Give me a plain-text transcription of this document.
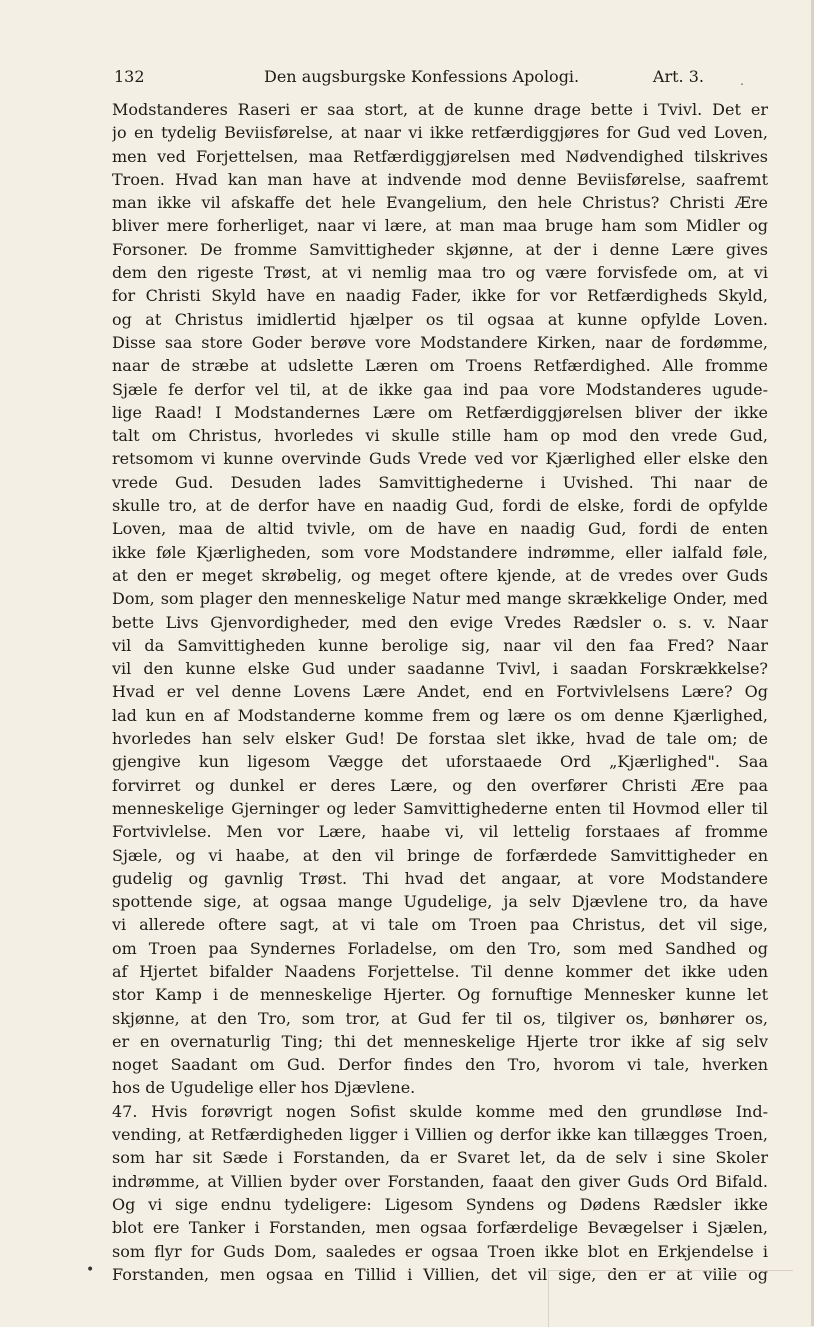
132	Den augsburgske Konfessions Apologi.	Art. 3.	.
Modstanderes Raseri er saa stort, at de kunne drage bette i Tvivl. Det er
jo en tydelig Beviisførelse, at naar vi ikke retfærdiggjøres for Gud ved Loven,
men ved Forjettelsen, maa Retfærdiggjørelsen med Nødvendighed tilskrives
Troen. Hvad kan man have at indvende mod denne Beviisførelse, saafremt
man ikke vil afskaffe det hele Evangelium, den hele Christus? Christi Ære
bliver mere forherliget, naar vi lære, at man maa bruge ham som Midler og
Forsoner. De fromme Samvittigheder skjønne, at der i denne Lære gives
dem den rigeste Trøst, at vi nemlig maa tro og være forvisfede om, at vi
for Christi Skyld have en naadig Fader, ikke for vor Retfærdigheds Skyld,
og at Christus imidlertid hjælper os til ogsaa at kunne opfylde Loven.
Disse saa store Goder berøve vore Modstandere Kirken, naar de fordømme,
naar de stræbe at udslette Læren om Troens Retfærdighed. Alle fromme
Sjæle fe derfor vel til, at de ikke gaa ind paa vore Modstanderes ugude-
lige Raad! I Modstandernes Lære om Retfærdiggjørelsen bliver der ikke
talt om Christus, hvorledes vi skulle stille ham op mod den vrede Gud,
retsomom vi kunne overvinde Guds Vrede ved vor Kjærlighed eller elske den
vrede Gud. Desuden lades Samvittighederne i Uvished. Thi naar de
skulle tro, at de derfor have en naadig Gud, fordi de elske, fordi de opfylde
Loven, maa de altid tvivle, om de have en naadig Gud, fordi de enten
ikke føle Kjærligheden, som vore Modstandere indrømme, eller ialfald føle,
at den er meget skrøbelig, og meget oftere kjende, at de vredes over Guds
Dom, som plager den menneskelige Natur med mange skrækkelige Onder, med
bette Livs Gjenvordigheder, med den evige Vredes Rædsler o. s. v. Naar
vil da Samvittigheden kunne berolige sig, naar vil den faa Fred? Naar
vil den kunne elske Gud under saadanne Tvivl, i saadan Forskrækkelse?
Hvad er vel denne Lovens Lære Andet, end en Fortvivlelsens Lære? Og
lad kun en af Modstanderne komme frem og lære os om denne Kjærlighed,
hvorledes han selv elsker Gud! De forstaa slet ikke, hvad de tale om; de
gjengive kun ligesom Vægge det uforstaaede Ord „Kjærlighed". Saa
forvirret og dunkel er deres Lære, og den overfører Christi Ære paa
menneskelige Gjerninger og leder Samvittighederne enten til Hovmod eller til
Fortvivlelse. Men vor Lære, haabe vi, vil lettelig forstaaes af fromme
Sjæle, og vi haabe, at den vil bringe de forfærdede Samvittigheder en
gudelig og gavnlig Trøst. Thi hvad det angaar, at vore Modstandere
spottende sige, at ogsaa mange Ugudelige, ja selv Djævlene tro, da have
vi allerede oftere sagt, at vi tale om Troen paa Christus, det vil sige,
om Troen paa Syndernes Forladelse, om den Tro, som med Sandhed og
af Hjertet bifalder Naadens Forjettelse. Til denne kommer det ikke uden
stor Kamp i de menneskelige Hjerter. Og fornuftige Mennesker kunne let
skjønne, at den Tro, som tror, at Gud fer til os, tilgiver os, bønhører os,
er en overnaturlig Ting; thi det menneskelige Hjerte tror ikke af sig selv
noget Saadant om Gud. Derfor findes den Tro, hvorom vi tale, hverken
hos de Ugudelige eller hos Djævlene.
47. Hvis forøvrigt nogen Sofist skulde komme med den grundløse Ind-
vending, at Retfærdigheden ligger i Villien og derfor ikke kan tillægges Troen,
som har sit Sæde i Forstanden, da er Svaret let, da de selv i sine Skoler
indrømme, at Villien byder over Forstanden, faaat den giver Guds Ord Bifald.
Og vi sige endnu tydeligere: Ligesom Syndens og Dødens Rædsler ikke
blot ere Tanker i Forstanden, men ogsaa forfærdelige Bevægelser i Sjælen,
som flyr for Guds Dom, saaledes er ogsaa Troen ikke blot en Erkjendelse i
Forstanden, men ogsaa en Tillid i Villien, det vil sige, den er at ville og
•
